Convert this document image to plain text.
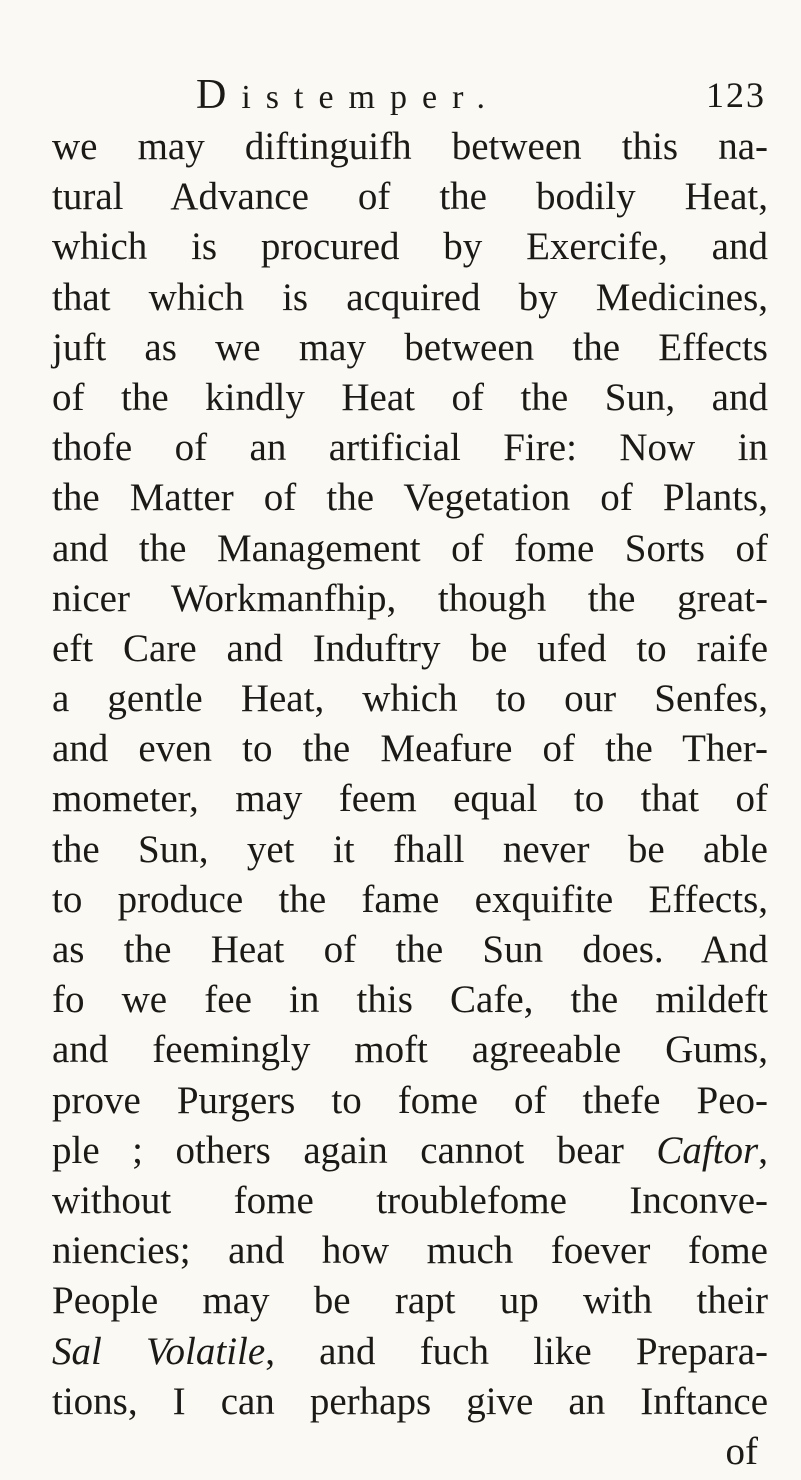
Distemper.	123
we may diftinguifh between this na-
tural Advance of the bodily Heat,
which is procured by Exercife, and
that which is acquired by Medicines,
juft as we may between the Effects
of the kindly Heat of the Sun, and
thofe of an artificial Fire: Now in
the Matter of the Vegetation of Plants,
and the Management of fome Sorts of
nicer Workmanfhip, though the great-
eft Care and Induftry be ufed to raife
a gentle Heat, which to our Senfes,
and even to the Meafure of the Ther-
mometer, may feem equal to that of
the Sun, yet it fhall never be able
to produce the fame exquifite Effects,
as the Heat of the Sun does. And
fo we fee in this Cafe, the mildeft
and feemingly moft agreeable Gums,
prove Purgers to fome of thefe Peo-
ple ; others again cannot bear Caftor,
without fome troublefome Inconve-
niencies; and how much foever fome
People may be rapt up with their
Sal Volatile, and fuch like Prepara-
tions, I can perhaps give an Inftance
of
